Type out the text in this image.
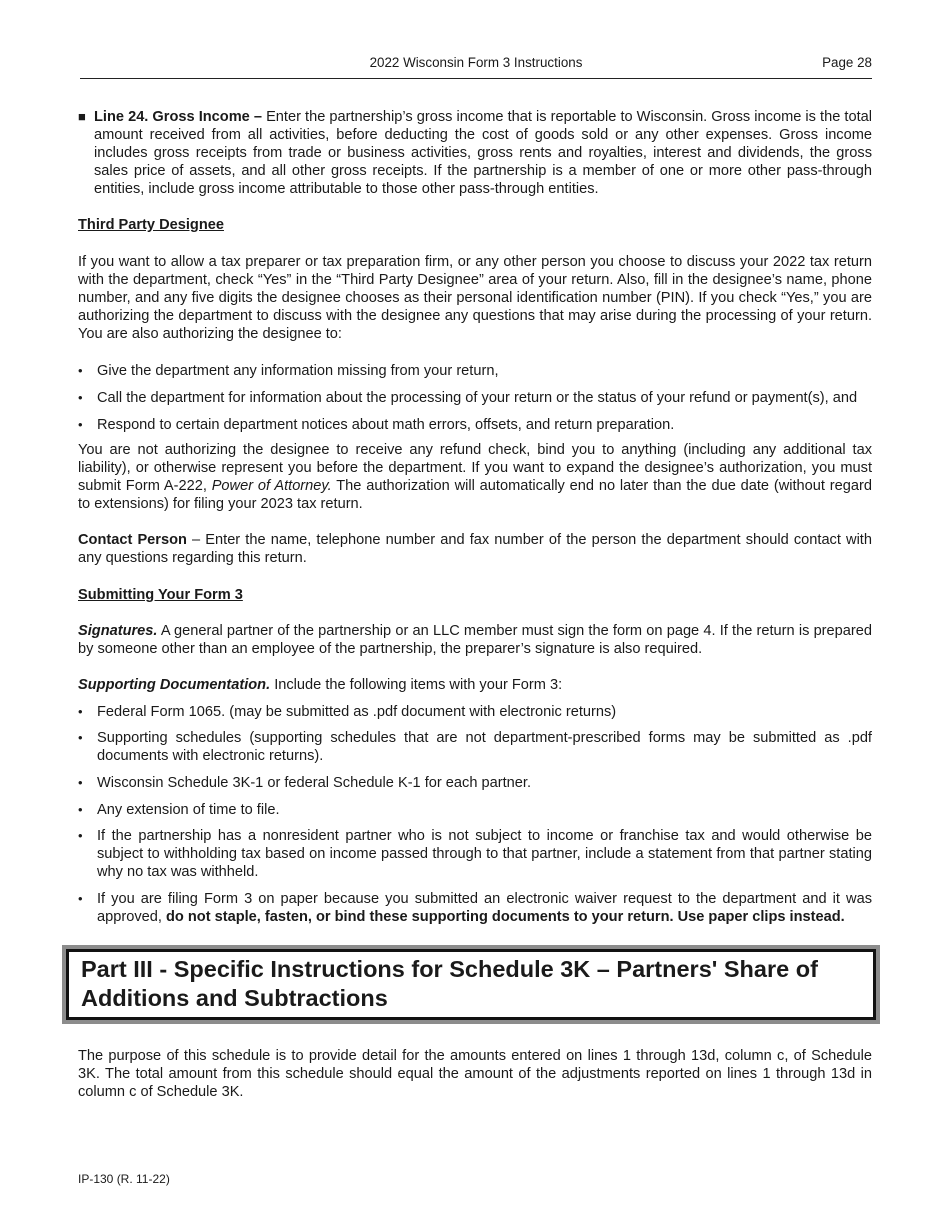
2022 Wisconsin Form 3 Instructions	Page 28
■ Line 24. Gross Income – Enter the partnership’s gross income that is reportable to Wisconsin. Gross income is the total amount received from all activities, before deducting the cost of goods sold or any other expenses. Gross income includes gross receipts from trade or business activities, gross rents and royalties, interest and dividends, the gross sales price of assets, and all other gross receipts. If the partnership is a member of one or more other pass-through entities, include gross income attributable to those other pass-through entities.

Third Party Designee

If you want to allow a tax preparer or tax preparation firm, or any other person you choose to discuss your 2022 tax return with the department, check “Yes” in the “Third Party Designee” area of your return. Also, fill in the designee’s name, phone number, and any five digits the designee chooses as their personal identification number (PIN). If you check “Yes,” you are authorizing the department to discuss with the designee any questions that may arise during the processing of your return. You are also authorizing the designee to:

• Give the department any information missing from your return,
• Call the department for information about the processing of your return or the status of your refund or payment(s), and
• Respond to certain department notices about math errors, offsets, and return preparation.

You are not authorizing the designee to receive any refund check, bind you to anything (including any additional tax liability), or otherwise represent you before the department. If you want to expand the designee’s authorization, you must submit Form A-222, Power of Attorney. The authorization will automatically end no later than the due date (without regard to extensions) for filing your 2023 tax return.

Contact Person – Enter the name, telephone number and fax number of the person the department should contact with any questions regarding this return.

Submitting Your Form 3

Signatures. A general partner of the partnership or an LLC member must sign the form on page 4. If the return is prepared by someone other than an employee of the partnership, the preparer’s signature is also required.

Supporting Documentation. Include the following items with your Form 3:

• Federal Form 1065. (may be submitted as .pdf document with electronic returns)
• Supporting schedules (supporting schedules that are not department-prescribed forms may be submitted as .pdf documents with electronic returns).
• Wisconsin Schedule 3K-1 or federal Schedule K-1 for each partner.
• Any extension of time to file.
• If the partnership has a nonresident partner who is not subject to income or franchise tax and would otherwise be subject to withholding tax based on income passed through to that partner, include a statement from that partner stating why no tax was withheld.
• If you are filing Form 3 on paper because you submitted an electronic waiver request to the department and it was approved, do not staple, fasten, or bind these supporting documents to your return. Use paper clips instead.

Part III - Specific Instructions for Schedule 3K – Partners' Share of Additions and Subtractions

The purpose of this schedule is to provide detail for the amounts entered on lines 1 through 13d, column c, of Schedule 3K. The total amount from this schedule should equal the amount of the adjustments reported on lines 1 through 13d in column c of Schedule 3K.

IP-130 (R. 11-22)
